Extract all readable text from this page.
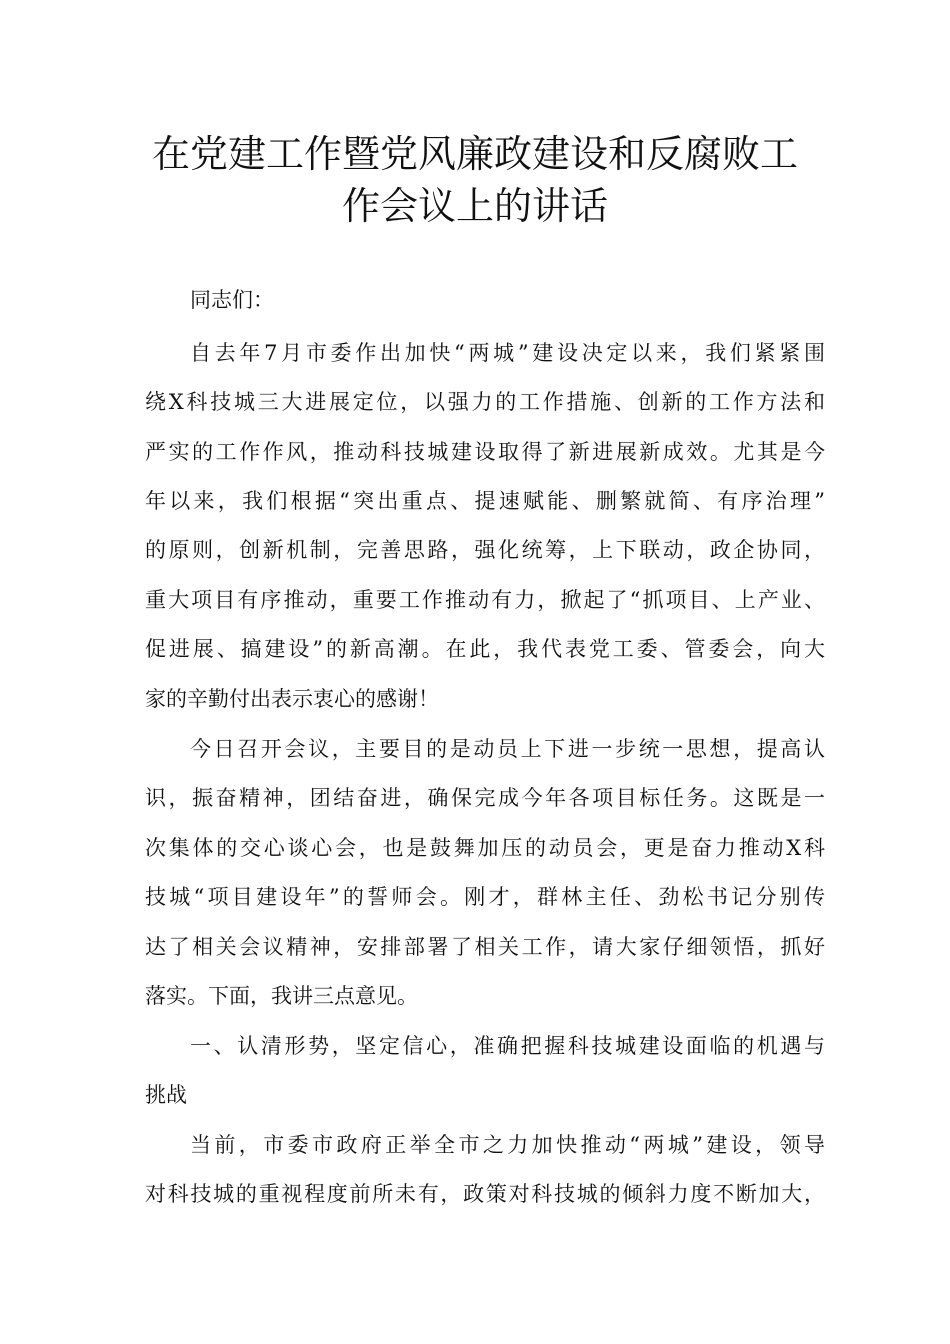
在党建工作暨党风廉政建设和反腐败工
作会议上的讲话
同志们：
自去年7月市委作出加快“两城”建设决定以来，我们紧紧围
绕X科技城三大进展定位，以强力的工作措施、创新的工作方法和
严实的工作作风，推动科技城建设取得了新进展新成效。尤其是今
年以来，我们根据“突出重点、提速赋能、删繁就简、有序治理”
的原则，创新机制，完善思路，强化统筹，上下联动，政企协同，
重大项目有序推动，重要工作推动有力，掀起了“抓项目、上产业、
促进展、搞建设”的新高潮。在此，我代表党工委、管委会，向大
家的辛勤付出表示衷心的感谢！
今日召开会议，主要目的是动员上下进一步统一思想，提高认
识，振奋精神，团结奋进，确保完成今年各项目标任务。这既是一
次集体的交心谈心会，也是鼓舞加压的动员会，更是奋力推动X科
技城“项目建设年”的誓师会。刚才，群林主任、劲松书记分别传
达了相关会议精神，安排部署了相关工作，请大家仔细领悟，抓好
落实。下面，我讲三点意见。
一、认清形势，坚定信心，准确把握科技城建设面临的机遇与
挑战
当前，市委市政府正举全市之力加快推动“两城”建设，领导
对科技城的重视程度前所未有，政策对科技城的倾斜力度不断加大，
